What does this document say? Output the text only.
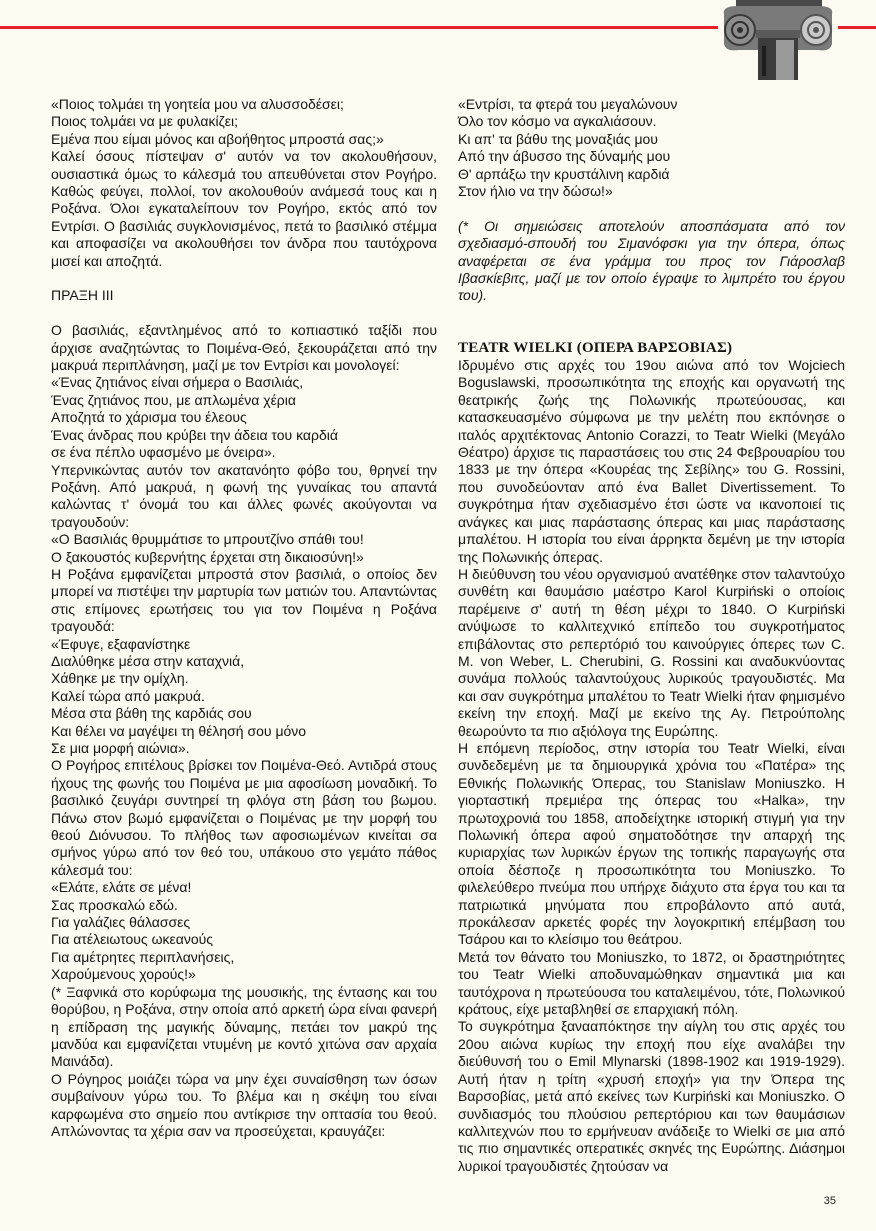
«Ποιος τολμάει τη γοητεία μου να αλυσσοδέσει;

Ποιος τολμάει να με φυλακίζει;

Εμένα που είμαι μόνος και αβοήθητος μπροστά σας;»

Καλεί όσους πίστεψαν σ' αυτόν να τον ακολουθήσουν, ουσιαστικά όμως το κάλεσμά του απευθύνεται στον Ρογήρο. Καθώς φεύγει, πολλοί, τον ακολουθούν ανάμεσά τους και η Ροξάνα. Όλοι εγκαταλείπουν τον Ρογήρο, εκτός από τον Εντρίσι. Ο βασιλιάς συγκλονισμένος, πετά το βασιλικό στέμμα και αποφασίζει να ακολουθήσει τον άνδρα που ταυτόχρονα μισεί και αποζητά.

ΠΡΑΞΗ ΙΙΙ

Ο βασιλιάς, εξαντλημένος από το κοπιαστικό ταξίδι που άρχισε αναζητώντας το Ποιμένα-Θεό, ξεκουράζεται από την μακρυά περιπλάνηση, μαζί με τον Εντρίσι και μονολογεί:

«Ένας ζητιάνος είναι σήμερα ο Βασιλιάς,

Ένας ζητιάνος που, με απλωμένα χέρια

Αποζητά το χάρισμα του έλεους

Ένας άνδρας που κρύβει την άδεια του καρδιά

σε ένα πέπλο υφασμένο με όνειρα».

Υπερνικώντας αυτόν τον ακατανόητο φόβο του, θρηνεί την Ροξάνη. Από μακρυά, η φωνή της γυναίκας του απαντά καλώντας τ' όνομά του και άλλες φωνές ακούγονται να τραγουδούν:

«Ο Βασιλιάς θρυμμάτισε το μπρουτζίνο σπάθι του!

Ο ξακουστός κυβερνήτης έρχεται στη δικαιοσύνη!»

Η Ροξάνα εμφανίζεται μπροστά στον βασιλιά, ο οποίος δεν μπορεί να πιστέψει την μαρτυρία των ματιών του. Απαντώντας στις επίμονες ερωτήσεις του για τον Ποιμένα η Ροξάνα τραγουδά:

«Έφυγε, εξαφανίστηκε

Διαλύθηκε μέσα στην καταχνιά,

Χάθηκε με την ομίχλη.

Καλεί τώρα από μακρυά.

Μέσα στα βάθη της καρδιάς σου

Και θέλει να μαγέψει τη θέλησή σου μόνο

Σε μια μορφή αιώνια».

Ο Ρογήρος επιτέλους βρίσκει τον Ποιμένα-Θεό. Αντιδρά στους ήχους της φωνής του Ποιμένα με μια αφοσίωση μοναδική. Το βασιλικό ζευγάρι συντηρεί τη φλόγα στη βάση του βωμου. Πάνω στον βωμό εμφανίζεται ο Ποιμένας με την μορφή του θεού Διόνυσου. Το πλήθος των αφοσιωμένων κινείται σα σμήνος γύρω από τον θεό του, υπάκουο στο γεμάτο πάθος κάλεσμά του:

«Ελάτε, ελάτε σε μένα!

Σας προσκαλώ εδώ.

Για γαλάζιες θάλασσες

Για ατέλειωτους ωκεανούς

Για αμέτρητες περιπλανήσεις,

Χαρούμενους χορούς!»

(* Ξαφνικά στο κορύφωμα της μουσικής, της έντασης και του θορύβου, η Ροξάνα, στην οποία από αρκετή ώρα είναι φανερή η επίδραση της μαγικής δύναμης, πετάει τον μακρύ της μανδύα και εμφανίζεται ντυμένη με κοντό χιτώνα σαν αρχαία Μαινάδα).

Ο Ρόγηρος μοιάζει τώρα να μην έχει συναίσθηση των όσων συμβαίνουν γύρω του. Το βλέμα και η σκέψη του είναι καρφωμένα στο σημείο που αντίκρισε την οπτασία του θεού. Απλώνοντας τα χέρια σαν να προσεύχεται, κραυγάζει:

«Εντρίσι, τα φτερά του μεγαλώνουν

Όλο τον κόσμο να αγκαλιάσουν.

Κι απ' τα βάθυ της μοναξιάς μου

Από την άβυσσο της δύναμής μου

Θ' αρπάξω την κρυστάλινη καρδιά

Στον ήλιο να την δώσω!»

(* Οι σημειώσεις αποτελούν αποσπάσματα από τον σχεδιασμό-σπουδή του Σιμανόφσκι για την όπερα, όπως αναφέρεται σε ένα γράμμα του προς τον Γιάροσλαβ Ιβασκίεβιτς, μαζί με τον οποίο έγραψε το λιμπρέτο του έργου του).

TEATR WIELKI (ΟΠΕΡΑ ΒΑΡΣΟΒΙΑΣ)

Ιδρυμένο στις αρχές του 19ου αιώνα από τον Wojciech Boguslawski, προσωπικότητα της εποχής και οργανωτή της θεατρικής ζωής της Πολωνικής πρωτεύουσας, και κατασκευασμένο σύμφωνα με την μελέτη που εκπόνησε ο ιταλός αρχιτέκτονας Antonio Corazzi, το Teatr Wielki (Μεγάλο Θέατρο) άρχισε τις παραστάσεις του στις 24 Φεβρουαρίου του 1833 με την όπερα «Κουρέας της Σεβίλης» του G. Rossini, που συνοδεύονταν από ένα Ballet Divertissement. Το συγκρότημα ήταν σχεδιασμένο έτσι ώστε να ικανοποιεί τις ανάγκες και μιας παράστασης όπερας και μιας παράστασης μπαλέτου. Η ιστορία του είναι άρρηκτα δεμένη με την ιστορία της Πολωνικής όπερας.

Η διεύθυνση του νέου οργανισμού ανατέθηκε στον ταλαντούχο συνθέτη και θαυμάσιο μαέστρο Karol Kurpiński ο οποίοις παρέμεινε σ' αυτή τη θέση μέχρι το 1840. Ο Kurpiński ανύψωσε το καλλιτεχνικό επίπεδο του συγκροτήματος επιβάλοντας στο ρεπερτόριό του καινούργιες όπερες των C. M. von Weber, L. Cherubini, G. Rossini και αναδυκνύοντας συνάμα πολλούς ταλαντούχους λυρικούς τραγουδιστές. Μα και σαν συγκρότημα μπαλέτου το Teatr Wielki ήταν φημισμένο εκείνη την εποχή. Μαζί με εκείνο της Αγ. Πετρούπολης θεωρούντο τα πιο αξιόλογα της Ευρώπης.

Η επόμενη περίοδος, στην ιστορία του Teatr Wielki, είναι συνδεδεμένη με τα δημιουργικά χρόνια του «Πατέρα» της Εθνικής Πολωνικής Όπερας, του Stanislaw Moniuszko. Η γιορταστική πρεμιέρα της όπερας του «Halka», την πρωτοχρονιά του 1858, αποδείχτηκε ιστορική στιγμή για την Πολωνική όπερα αφού σηματοδότησε την απαρχή της κυριαρχίας των λυρικών έργων της τοπικής παραγωγής στα οποία δέσποζε η προσωπικότητα του Moniuszko. Το φιλελεύθερο πνεύμα που υπήρχε διάχυτο στα έργα του και τα πατριωτικά μηνύματα που επροβάλοντο από αυτά, προκάλεσαν αρκετές φορές την λογοκριτική επέμβαση του Τσάρου και το κλείσιμο του θεάτρου.

Μετά τον θάνατο του Moniuszko, το 1872, οι δραστηριότητες του Teatr Wielki αποδυναμώθηκαν σημαντικά μια και ταυτόχρονα η πρωτεύουσα του καταλειμένου, τότε, Πολωνικού κράτους, είχε μεταβληθεί σε επαρχιακή πόλη.

Το συγκρότημα ξανααπόκτησε την αίγλη του στις αρχές του 20ου αιώνα κυρίως την εποχή που είχε αναλάβει την διεύθυνσή του ο Emil Mlynarski (1898-1902 και 1919-1929). Αυτή ήταν η τρίτη «χρυσή εποχή» για την Όπερα της Βαρσοβίας, μετά από εκείνες των Kurpiński και Moniuszko. Ο συνδιασμός του πλούσιου ρεπερτόριου και των θαυμάσιων καλλιτεχνών που το ερμήνευαν ανάδειξε το Wielki σε μια από τις πιο σημαντικές οπερατικές σκηνές της Ευρώπης. Διάσημοι λυρικοί τραγουδιστές ζητούσαν να

35
